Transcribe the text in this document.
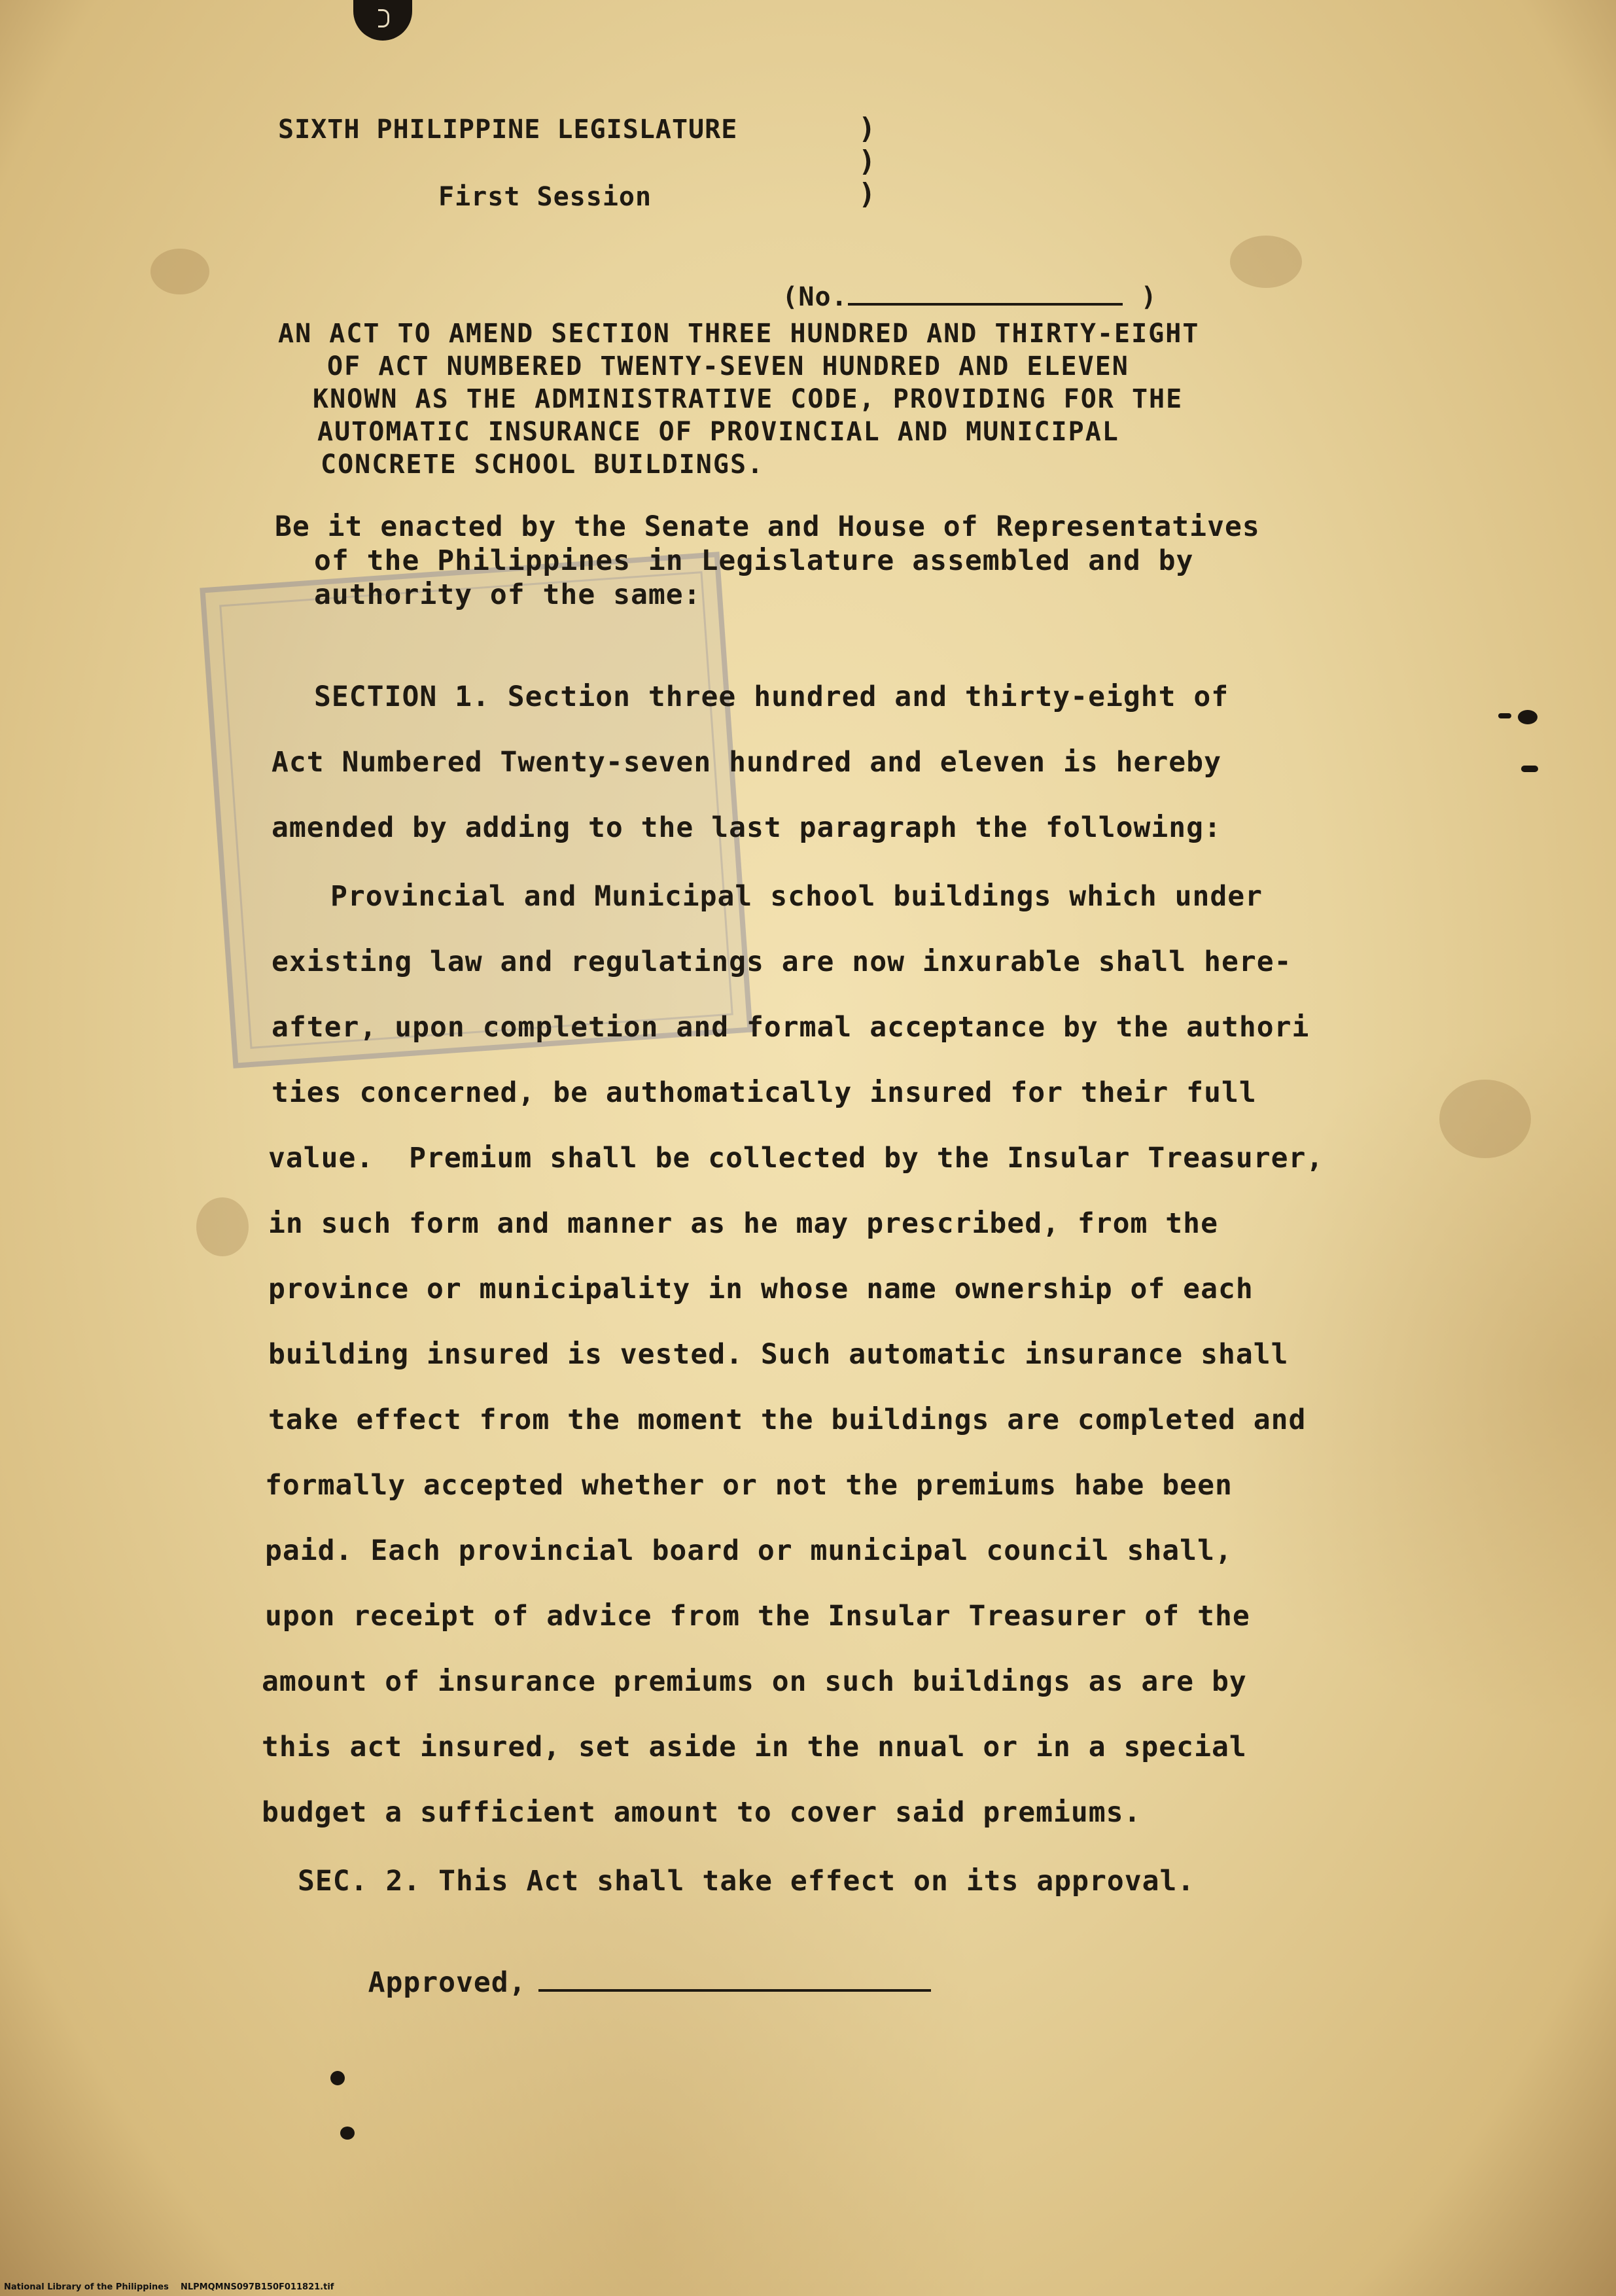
SIXTH PHILIPPINE LEGISLATURE
First Session
)
)
)

(No.	)

AN ACT TO AMEND SECTION THREE HUNDRED AND THIRTY-EIGHT
OF ACT NUMBERED TWENTY-SEVEN HUNDRED AND ELEVEN
KNOWN AS THE ADMINISTRATIVE CODE, PROVIDING FOR THE
AUTOMATIC INSURANCE OF PROVINCIAL AND MUNICIPAL
CONCRETE SCHOOL BUILDINGS.
Be it enacted by the Senate and House of Representatives
of the Philippines in Legislature assembled and by
authority of the same:
SECTION 1. Section three hundred and thirty-eight of
Act Numbered Twenty-seven hundred and eleven is hereby
amended by adding to the last paragraph the following:
Provincial and Municipal school buildings which under
existing law and regulatings are now inxurable shall here-
after, upon completion and formal acceptance by the authori
ties concerned, be authomatically insured for their full
value.  Premium shall be collected by the Insular Treasurer,
in such form and manner as he may prescribed, from the
province or municipality in whose name ownership of each
building insured is vested. Such automatic insurance shall
take effect from the moment the buildings are completed and
formally accepted whether or not the premiums habe been
paid. Each provincial board or municipal council shall,
upon receipt of advice from the Insular Treasurer of the
amount of insurance premiums on such buildings as are by
this act insured, set aside in the nnual or in a special
budget a sufficient amount to cover said premiums.
SEC. 2. This Act shall take effect on its approval.

Approved,

National Library of the Philippines NLPMQMNS097B150F011821.tif
